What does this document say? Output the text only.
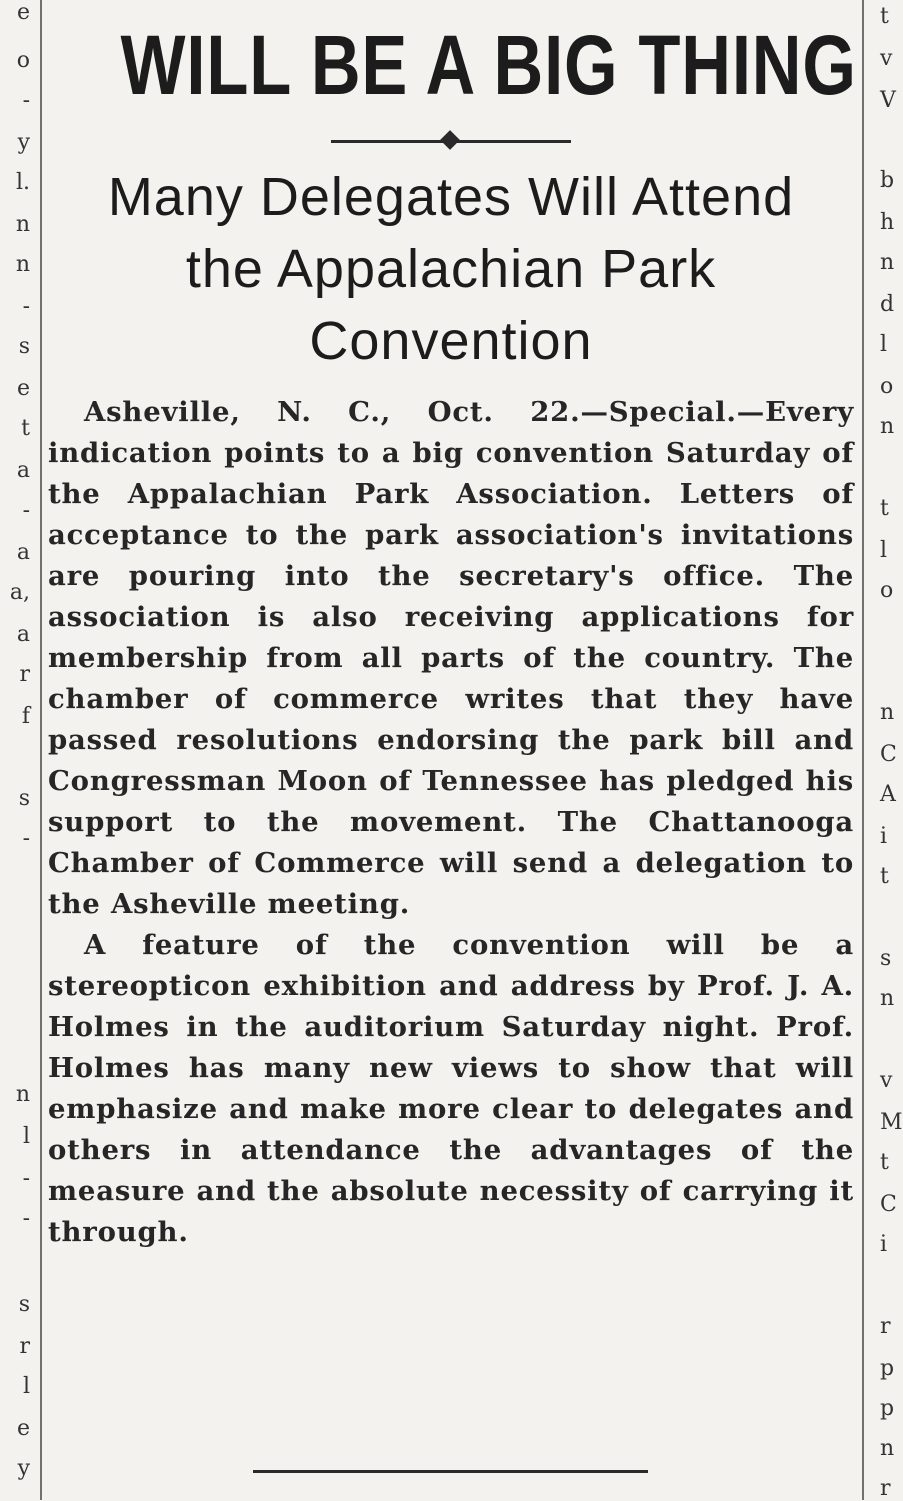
e
o
-
y
l.
n
n
-
s
e
t
a
-
a
a,
a
r
f
s
-
n
l
-
-
s
r
l
e
y
t
v
V
b
h
n
d
l
o
n
t
l
o
n
C
A
i
t
s
n
v
M
t
C
i
r
p
p
n
r
WILL BE A BIG THING
Many Delegates Will Attend
the Appalachian Park
Convention

Asheville, N. C., Oct. 22.—Special.—Every indication points to a big convention Saturday of the Appalachian Park Association. Letters of acceptance to the park association's invitations are pouring into the secretary's office. The association is also receiving applications for membership from all parts of the country. The chamber of commerce writes that they have passed resolutions endorsing the park bill and Congressman Moon of Tennessee has pledged his support to the movement. The Chattanooga Chamber of Commerce will send a delegation to the Asheville meeting.

A feature of the convention will be a stereopticon exhibition and address by Prof. J. A. Holmes in the auditorium Saturday night. Prof. Holmes has many new views to show that will emphasize and make more clear to delegates and others in attendance the advantages of the measure and the absolute necessity of carrying it through.
